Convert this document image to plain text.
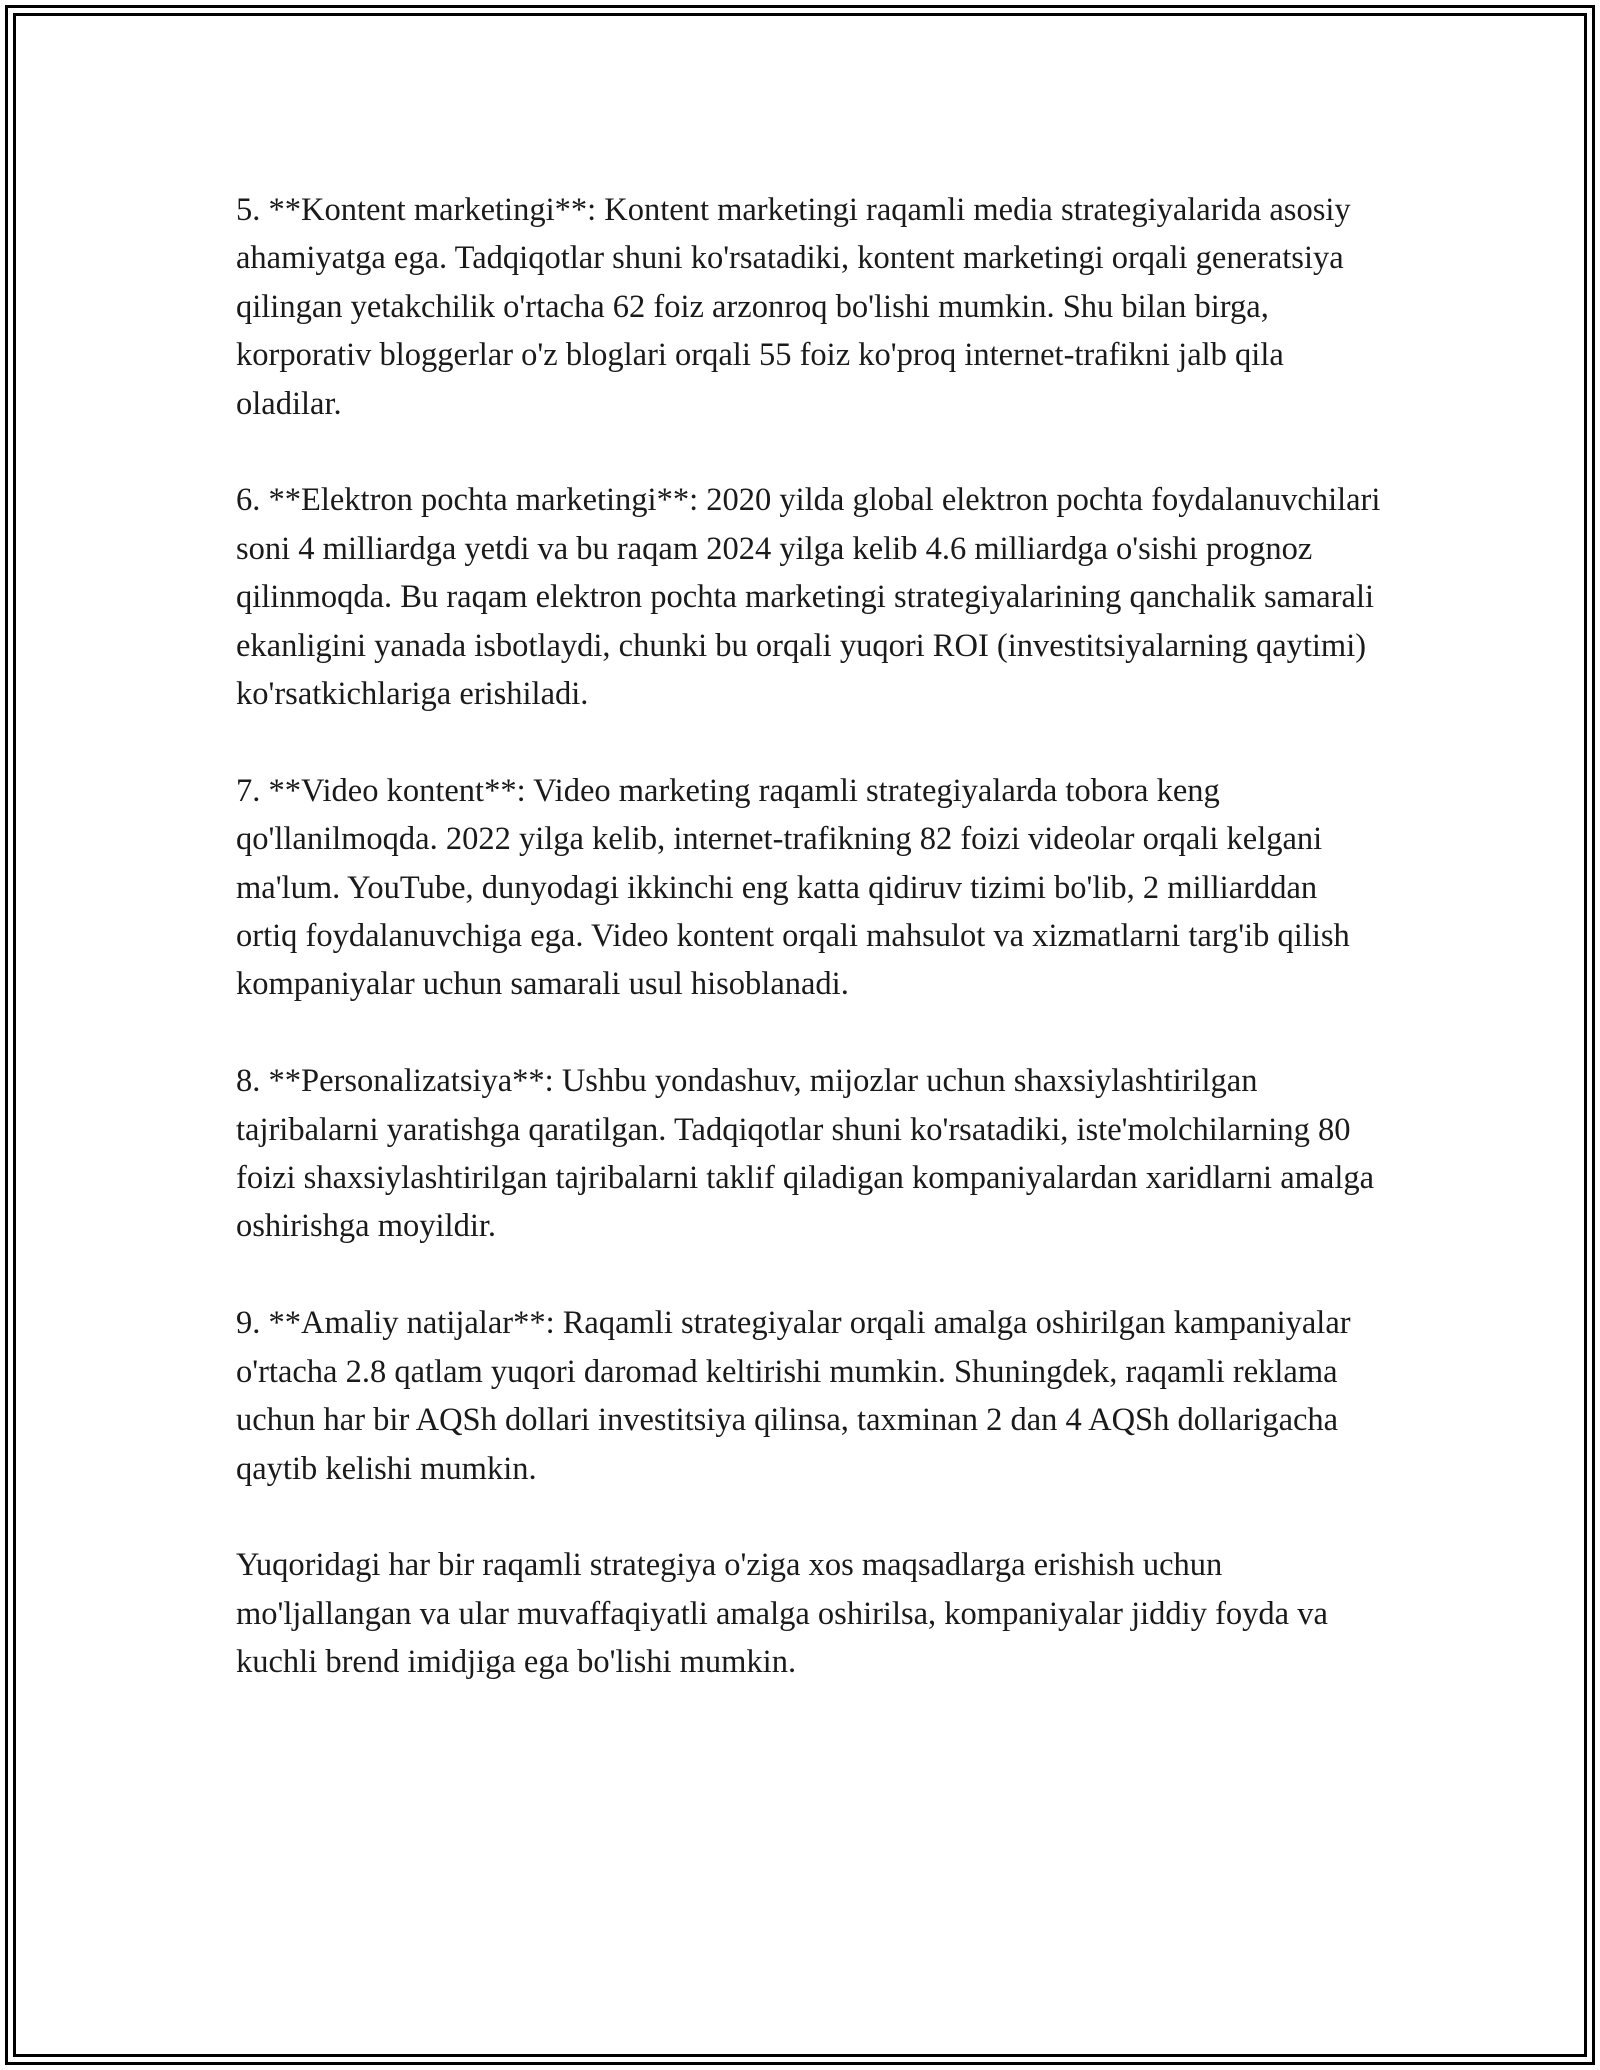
5. **Kontent marketingi**: Kontent marketingi raqamli media strategiyalarida asosiy ahamiyatga ega. Tadqiqotlar shuni ko'rsatadiki, kontent marketingi orqali generatsiya qilingan yetakchilik o'rtacha 62 foiz arzonroq bo'lishi mumkin. Shu bilan birga, korporativ bloggerlar o'z bloglari orqali 55 foiz ko'proq internet-trafikni jalb qila oladilar.

6. **Elektron pochta marketingi**: 2020 yilda global elektron pochta foydalanuvchilari soni 4 milliardga yetdi va bu raqam 2024 yilga kelib 4.6 milliardga o'sishi prognoz qilinmoqda. Bu raqam elektron pochta marketingi strategiyalarining qanchalik samarali ekanligini yanada isbotlaydi, chunki bu orqali yuqori ROI (investitsiyalarning qaytimi) ko'rsatkichlariga erishiladi.

7. **Video kontent**: Video marketing raqamli strategiyalarda tobora keng qo'llanilmoqda. 2022 yilga kelib, internet-trafikning 82 foizi videolar orqali kelgani ma'lum. YouTube, dunyodagi ikkinchi eng katta qidiruv tizimi bo'lib, 2 milliarddan ortiq foydalanuvchiga ega. Video kontent orqali mahsulot va xizmatlarni targ'ib qilish kompaniyalar uchun samarali usul hisoblanadi.

8. **Personalizatsiya**: Ushbu yondashuv, mijozlar uchun shaxsiylashtirilgan tajribalarni yaratishga qaratilgan. Tadqiqotlar shuni ko'rsatadiki, iste'molchilarning 80 foizi shaxsiylashtirilgan tajribalarni taklif qiladigan kompaniyalardan xaridlarni amalga oshirishga moyildir.

9. **Amaliy natijalar**: Raqamli strategiyalar orqali amalga oshirilgan kampaniyalar o'rtacha 2.8 qatlam yuqori daromad keltirishi mumkin. Shuningdek, raqamli reklama uchun har bir AQSh dollari investitsiya qilinsa, taxminan 2 dan 4 AQSh dollarigacha qaytib kelishi mumkin.

Yuqoridagi har bir raqamli strategiya o'ziga xos maqsadlarga erishish uchun mo'ljallangan va ular muvaffaqiyatli amalga oshirilsa, kompaniyalar jiddiy foyda va kuchli brend imidjiga ega bo'lishi mumkin.
